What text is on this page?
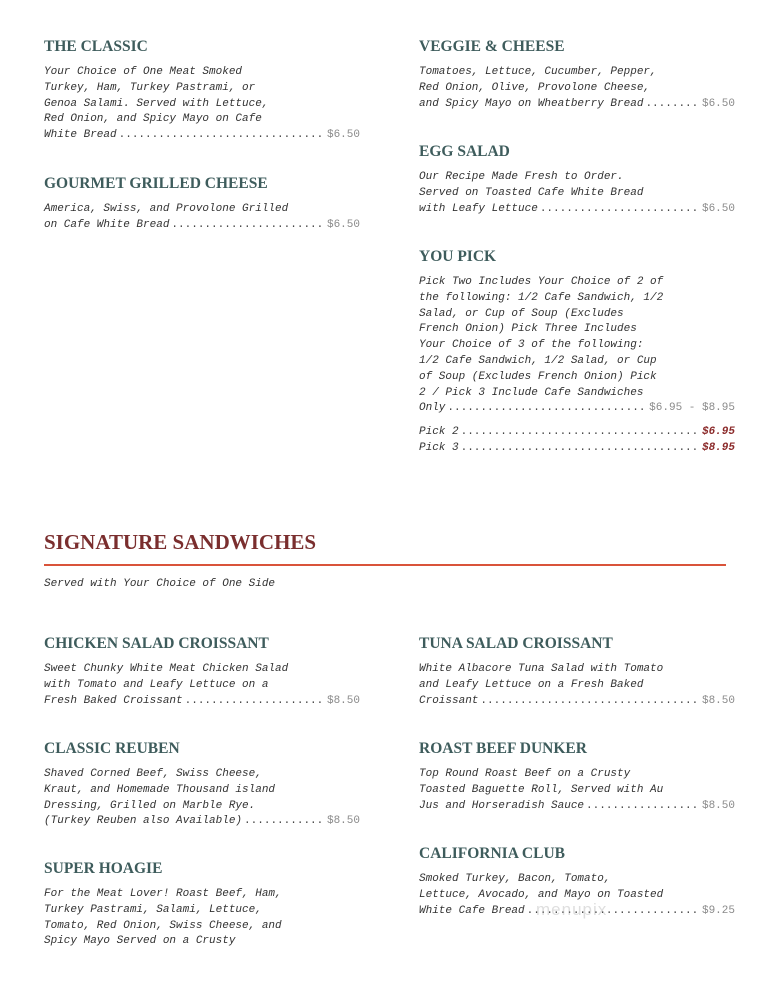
THE CLASSIC
Your Choice of One Meat Smoked
Turkey, Ham, Turkey Pastrami, or
Genoa Salami. Served with Lettuce,
Red Onion, and Spicy Mayo on Cafe
White Bread .....	$6.50
GOURMET GRILLED CHEESE
America, Swiss, and Provolone Grilled
on Cafe White Bread .....	$6.50
VEGGIE & CHEESE
Tomatoes, Lettuce, Cucumber, Pepper,
Red Onion, Olive, Provolone Cheese,
and Spicy Mayo on Wheatberry Bread .....	$6.50
EGG SALAD
Our Recipe Made Fresh to Order.
Served on Toasted Cafe White Bread
with Leafy Lettuce .....	$6.50
YOU PICK
Pick Two Includes Your Choice of 2 of
the following: 1/2 Cafe Sandwich, 1/2
Salad, or Cup of Soup (Excludes
French Onion) Pick Three Includes
Your Choice of 3 of the following:
1/2 Cafe Sandwich, 1/2 Salad, or Cup
of Soup (Excludes French Onion) Pick
2 / Pick 3 Include Cafe Sandwiches
Only .....	$6.95 - $8.95
Pick 2 .....	$6.95
Pick 3 .....	$8.95
SIGNATURE SANDWICHES
Served with Your Choice of One Side
CHICKEN SALAD CROISSANT
Sweet Chunky White Meat Chicken Salad
with Tomato and Leafy Lettuce on a
Fresh Baked Croissant .....	$8.50
CLASSIC REUBEN
Shaved Corned Beef, Swiss Cheese,
Kraut, and Homemade Thousand island
Dressing, Grilled on Marble Rye.
(Turkey Reuben also Available) .....	$8.50
SUPER HOAGIE
For the Meat Lover! Roast Beef, Ham,
Turkey Pastrami, Salami, Lettuce,
Tomato, Red Onion, Swiss Cheese, and
Spicy Mayo Served on a Crusty
TUNA SALAD CROISSANT
White Albacore Tuna Salad with Tomato
and Leafy Lettuce on a Fresh Baked
Croissant .....	$8.50
ROAST BEEF DUNKER
Top Round Roast Beef on a Crusty
Toasted Baguette Roll, Served with Au
Jus and Horseradish Sauce .....	$8.50
CALIFORNIA CLUB
Smoked Turkey, Bacon, Tomato,
Lettuce, Avocado, and Mayo on Toasted
White Cafe Bread .....	$9.25
menupix
